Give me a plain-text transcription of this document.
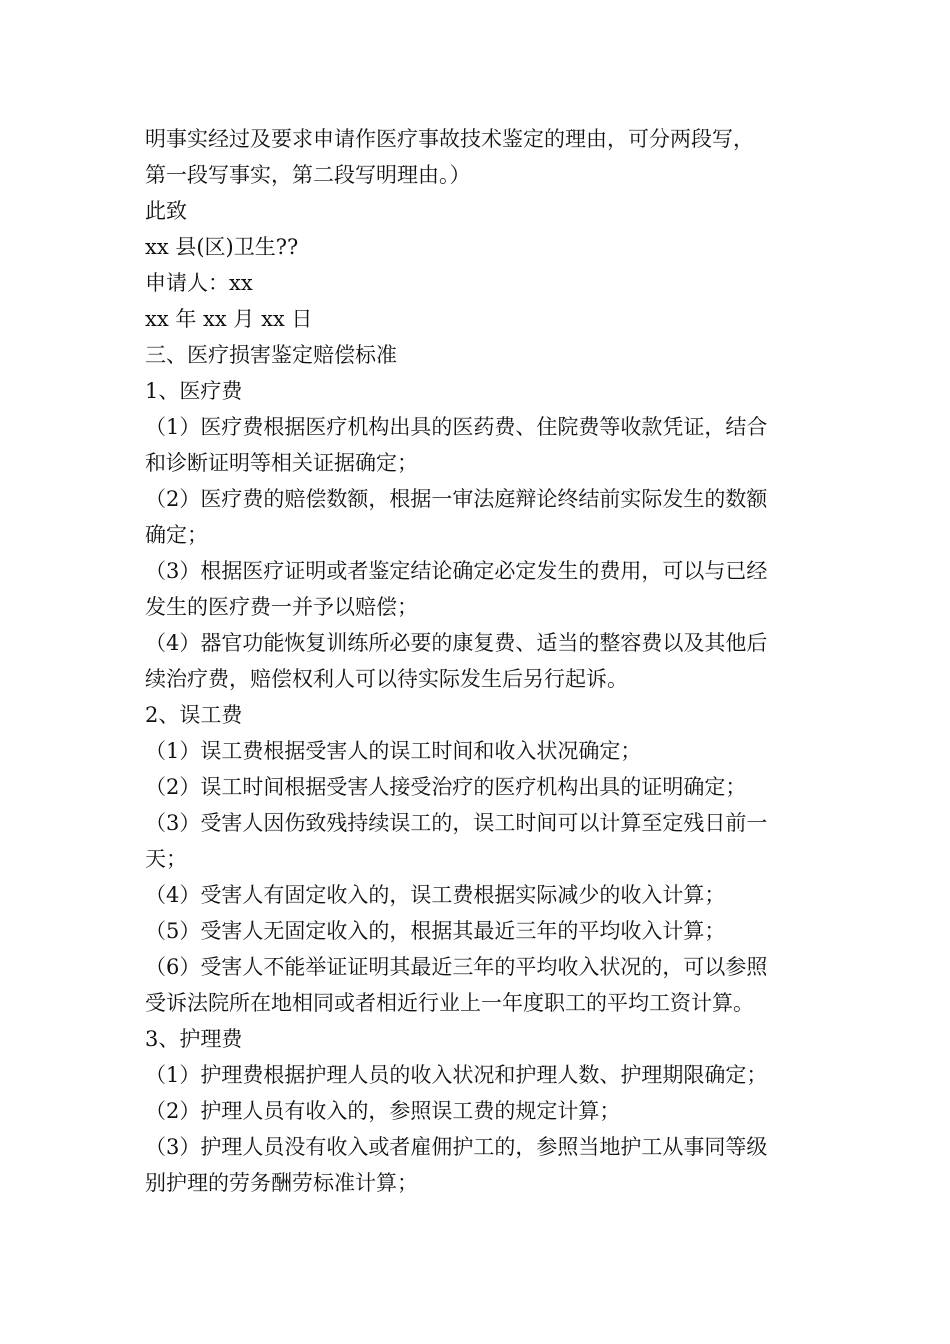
明事实经过及要求申请作医疗事故技术鉴定的理由，可分两段写，
第一段写事实，第二段写明理由。）
此致
xx 县(区)卫生??
申请人：xx
xx 年 xx 月 xx 日
三、医疗损害鉴定赔偿标准
1、医疗费
（1）医疗费根据医疗机构出具的医药费、住院费等收款凭证，结合
和诊断证明等相关证据确定；
（2）医疗费的赔偿数额，根据一审法庭辩论终结前实际发生的数额
确定；
（3）根据医疗证明或者鉴定结论确定必定发生的费用，可以与已经
发生的医疗费一并予以赔偿；
（4）器官功能恢复训练所必要的康复费、适当的整容费以及其他后
续治疗费，赔偿权利人可以待实际发生后另行起诉。
2、误工费
（1）误工费根据受害人的误工时间和收入状况确定；
（2）误工时间根据受害人接受治疗的医疗机构出具的证明确定；
（3）受害人因伤致残持续误工的，误工时间可以计算至定残日前一
天；
（4）受害人有固定收入的，误工费根据实际减少的收入计算；
（5）受害人无固定收入的，根据其最近三年的平均收入计算；
（6）受害人不能举证证明其最近三年的平均收入状况的，可以参照
受诉法院所在地相同或者相近行业上一年度职工的平均工资计算。
3、护理费
（1）护理费根据护理人员的收入状况和护理人数、护理期限确定；
（2）护理人员有收入的，参照误工费的规定计算；
（3）护理人员没有收入或者雇佣护工的，参照当地护工从事同等级
别护理的劳务酬劳标准计算；
